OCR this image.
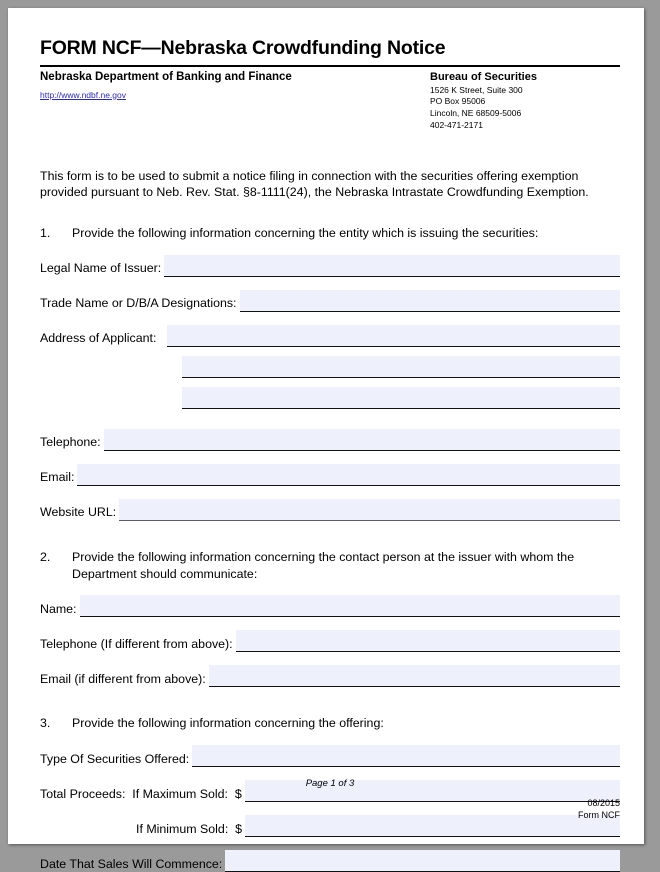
FORM NCF—Nebraska Crowdfunding Notice
Nebraska Department of Banking and Finance
http://www.ndbf.ne.gov
Bureau of Securities
1526 K Street, Suite 300
PO Box 95006
Lincoln, NE 68509-5006
402-471-2171

This form is to be used to submit a notice filing in connection with the securities offering exemption provided pursuant to Neb. Rev. Stat. §8-1111(24), the Nebraska Intrastate Crowdfunding Exemption.

1.	Provide the following information concerning the entity which is issuing the securities:
Legal Name of Issuer:
Trade Name or D/B/A Designations:
Address of Applicant:
Telephone:
Email:
Website URL:
2.	Provide the following information concerning the contact person at the issuer with whom the Department should communicate:
Name:
Telephone (If different from above):
Email (if different from above):
3.	Provide the following information concerning the offering:
Type Of Securities Offered:
Total Proceeds:  If Maximum Sold:  $
If Minimum Sold:  $
Date That Sales Will Commence:
Page 1 of 3
08/2015
Form NCF
